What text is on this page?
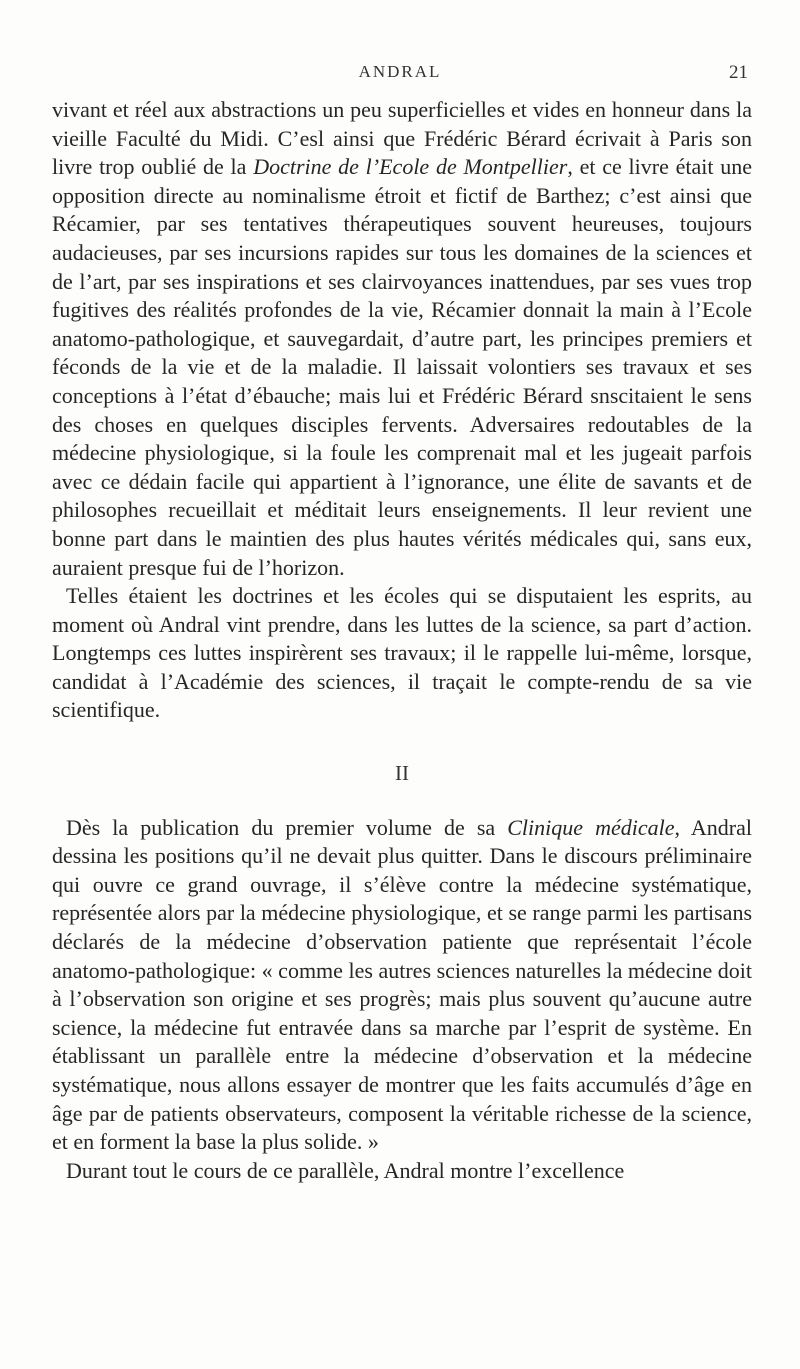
ANDRAL	21

vivant et réel aux abstractions un peu superficielles et vides en honneur dans la vieille Faculté du Midi. C’esl ainsi que Frédéric Bérard écrivait à Paris son livre trop oublié de la Doctrine de l’Ecole de Montpellier, et ce livre était une opposition directe au nominalisme étroit et fictif de Barthez; c’est ainsi que Récamier, par ses tentatives thérapeutiques souvent heureuses, toujours audacieuses, par ses incursions rapides sur tous les domaines de la sciences et de l’art, par ses inspirations et ses clairvoyances inattendues, par ses vues trop fugitives des réalités profondes de la vie, Récamier donnait la main à l’Ecole anatomo-pathologique, et sauvegardait, d’autre part, les principes premiers et féconds de la vie et de la maladie. Il laissait volontiers ses travaux et ses conceptions à l’état d’ébauche; mais lui et Frédéric Bérard snscitaient le sens des choses en quelques disciples fervents. Adversaires redoutables de la médecine physiologique, si la foule les comprenait mal et les jugeait parfois avec ce dédain facile qui appartient à l’ignorance, une élite de savants et de philosophes recueillait et méditait leurs enseignements. Il leur revient une bonne part dans le maintien des plus hautes vérités médicales qui, sans eux, auraient presque fui de l’horizon.

Telles étaient les doctrines et les écoles qui se disputaient les esprits, au moment où Andral vint prendre, dans les luttes de la science, sa part d’action. Longtemps ces luttes inspirèrent ses travaux; il le rappelle lui-même, lorsque, candidat à l’Académie des sciences, il traçait le compte-rendu de sa vie scientifique.

II

Dès la publication du premier volume de sa Clinique médicale, Andral dessina les positions qu’il ne devait plus quitter. Dans le discours préliminaire qui ouvre ce grand ouvrage, il s’élève contre la médecine systématique, représentée alors par la médecine physiologique, et se range parmi les partisans déclarés de la médecine d’observation patiente que représentait l’école anatomo-pathologique: « comme les autres sciences naturelles la médecine doit à l’observation son origine et ses progrès; mais plus souvent qu’aucune autre science, la médecine fut entravée dans sa marche par l’esprit de système. En établissant un parallèle entre la médecine d’observation et la médecine systématique, nous allons essayer de montrer que les faits accumulés d’âge en âge par de patients observateurs, composent la véritable richesse de la science, et en forment la base la plus solide. »

Durant tout le cours de ce parallèle, Andral montre l’excellence
